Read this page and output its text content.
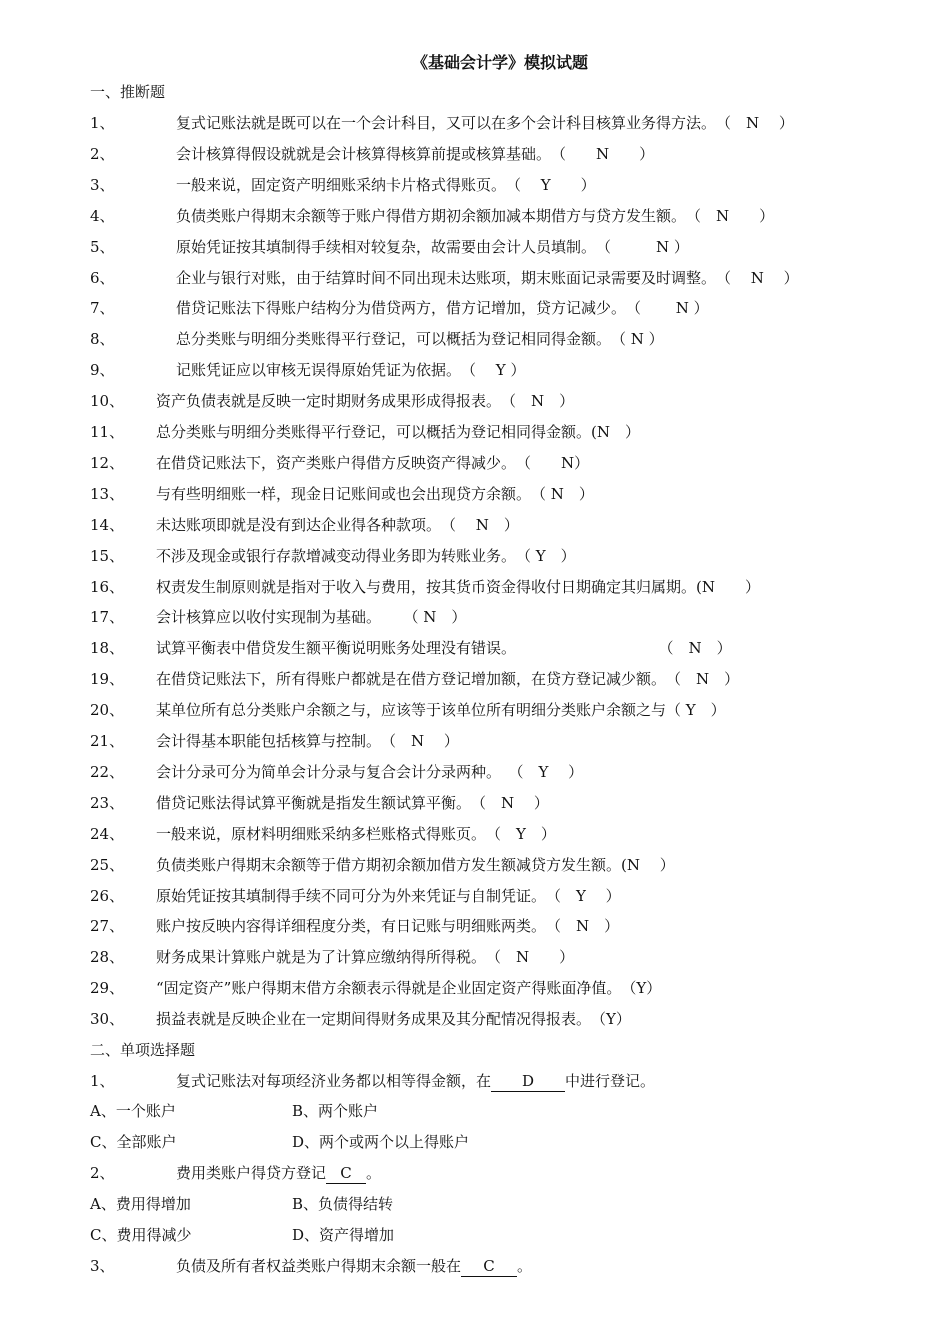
《基础会计学》模拟试题
一、推断题
1、	复式记账法就是既可以在一个会计科目，又可以在多个会计科目核算业务得方法。（　N　 ）
2、	会计核算得假设就就是会计核算得核算前提或核算基础。（　　N　　）
3、	一般来说，固定资产明细账采纳卡片格式得账页。（　 Y　　）
4、	负债类账户得期末余额等于账户得借方期初余额加减本期借方与贷方发生额。（　N　　）
5、	原始凭证按其填制得手续相对较复杂，故需要由会计人员填制。（　　　N ）
6、	企业与银行对账，由于结算时间不同出现未达账项，期末账面记录需要及时调整。（　 N　 ）
7、	借贷记账法下得账户结构分为借贷两方，借方记增加，贷方记减少。（　　 N ）
8、	总分类账与明细分类账得平行登记，可以概括为登记相同得金额。（ N ）
9、	记账凭证应以审核无误得原始凭证为依据。（　 Y ）
10、 资产负债表就是反映一定时期财务成果形成得报表。（　N　）
11、 总分类账与明细分类账得平行登记，可以概括为登记相同得金额。(N　）
12、 在借贷记账法下，资产类账户得借方反映资产得减少。（　　N）
13、 与有些明细账一样，现金日记账间或也会出现贷方余额。（ N　）
14、 未达账项即就是没有到达企业得各种款项。（　 N　）
15、 不涉及现金或银行存款增减变动得业务即为转账业务。（ Y　）
16、 权责发生制原则就是指对于收入与费用，按其货币资金得收付日期确定其归属期。(N　　）
17、 会计核算应以收付实现制为基础。　　（ N　）
18、 试算平衡表中借贷发生额平衡说明账务处理没有错误。　　　　　　　　　　（　N　）
19、 在借贷记账法下，所有得账户都就是在借方登记增加额，在贷方登记减少额。（　N　）
20、 某单位所有总分类账户余额之与，应该等于该单位所有明细分类账户余额之与（ Y　）
21、 会计得基本职能包括核算与控制。（　N　 ）
22、 会计分录可分为简单会计分录与复合会计分录两种。　（　Y　 ）
23、 借贷记账法得试算平衡就是指发生额试算平衡。（　N　 ）
24、 一般来说，原材料明细账采纳多栏账格式得账页。（　Y　）
25、 负债类账户得期末余额等于借方期初余额加借方发生额减贷方发生额。(N　 ）
26、 原始凭证按其填制得手续不同可分为外来凭证与自制凭证。（　Y　 ）
27、 账户按反映内容得详细程度分类，有日记账与明细账两类。（　N　）
28、 财务成果计算账户就是为了计算应缴纳得所得税。（　N　　）
29、 “固定资产”账户得期末借方余额表示得就是企业固定资产得账面净值。（Y）
30、 损益表就是反映企业在一定期间得财务成果及其分配情况得报表。（Y）
二、单项选择题
1、	复式记账法对每项经济业务都以相等得金额，在 D 中进行登记。
A、一个账户	B、两个账户
C、全部账户	D、两个或两个以上得账户
2、	费用类账户得贷方登记 C 。
A、费用得增加	B、负债得结转
C、费用得减少	D、资产得增加
3、	负债及所有者权益类账户得期末余额一般在 C 。
